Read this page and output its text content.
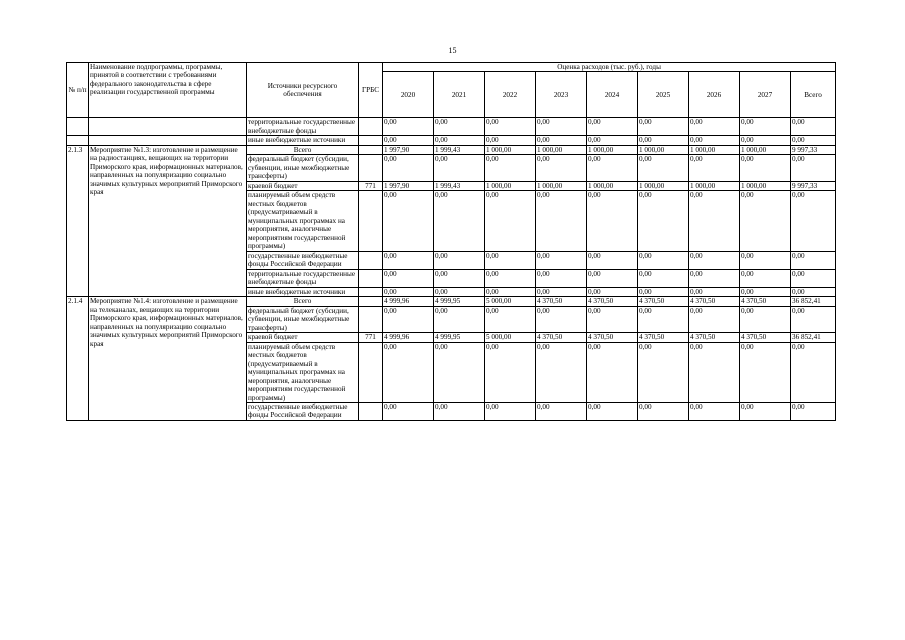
15
№ п/п	Наименование подпрограммы, программы, принятой в соответствии с требованиями федерального законодательства в сфере реализации государственной программы	Источники ресурсного обеспечения	ГРБС	Оценка расходов (тыс. руб.), годы								
				2020	2021	2022	2023	2024	2025	2026	2027	Всего
		территориальные государственные внебюджетные фонды		0,00	0,00	0,00	0,00	0,00	0,00	0,00	0,00	0,00
		иные внебюджетные источники		0,00	0,00	0,00	0,00	0,00	0,00	0,00	0,00	0,00
2.1.3	Мероприятие №1.3: изготовление и размещение на радиостанциях, вещающих на территории Приморского края, информационных материалов, направленных на популяризацию социально значимых культурных мероприятий Приморского края	Всего		1 997,90	1 999,43	1 000,00	1 000,00	1 000,00	1 000,00	1 000,00	1 000,00	9 997,33
		федеральный бюджет (субсидии, субвенции, иные межбюджетные трансферты)		0,00	0,00	0,00	0,00	0,00	0,00	0,00	0,00	0,00
		краевой бюджет	771	1 997,90	1 999,43	1 000,00	1 000,00	1 000,00	1 000,00	1 000,00	1 000,00	9 997,33
		планируемый объем средств местных бюджетов (предусматриваемый в муниципальных программах на мероприятия, аналогичные мероприятиям государственной программы)		0,00	0,00	0,00	0,00	0,00	0,00	0,00	0,00	0,00
		государственные внебюджетные фонды Российской Федерации		0,00	0,00	0,00	0,00	0,00	0,00	0,00	0,00	0,00
		территориальные государственные внебюджетные фонды		0,00	0,00	0,00	0,00	0,00	0,00	0,00	0,00	0,00
		иные внебюджетные источники		0,00	0,00	0,00	0,00	0,00	0,00	0,00	0,00	0,00
2.1.4	Мероприятие №1.4: изготовление и размещение на телеканалах, вещающих на территории Приморского края, информационных материалов, направленных на популяризацию социально значимых культурных мероприятий Приморского края	Всего		4 999,96	4 999,95	5 000,00	4 370,50	4 370,50	4 370,50	4 370,50	4 370,50	36 852,41
		федеральный бюджет (субсидии, субвенции, иные межбюджетные трансферты)		0,00	0,00	0,00	0,00	0,00	0,00	0,00	0,00	0,00
		краевой бюджет	771	4 999,96	4 999,95	5 000,00	4 370,50	4 370,50	4 370,50	4 370,50	4 370,50	36 852,41
		планируемый объем средств местных бюджетов (предусматриваемый в муниципальных программах на мероприятия, аналогичные мероприятиям государственной программы)		0,00	0,00	0,00	0,00	0,00	0,00	0,00	0,00	0,00
		государственные внебюджетные фонды Российской Федерации		0,00	0,00	0,00	0,00	0,00	0,00	0,00	0,00	0,00
